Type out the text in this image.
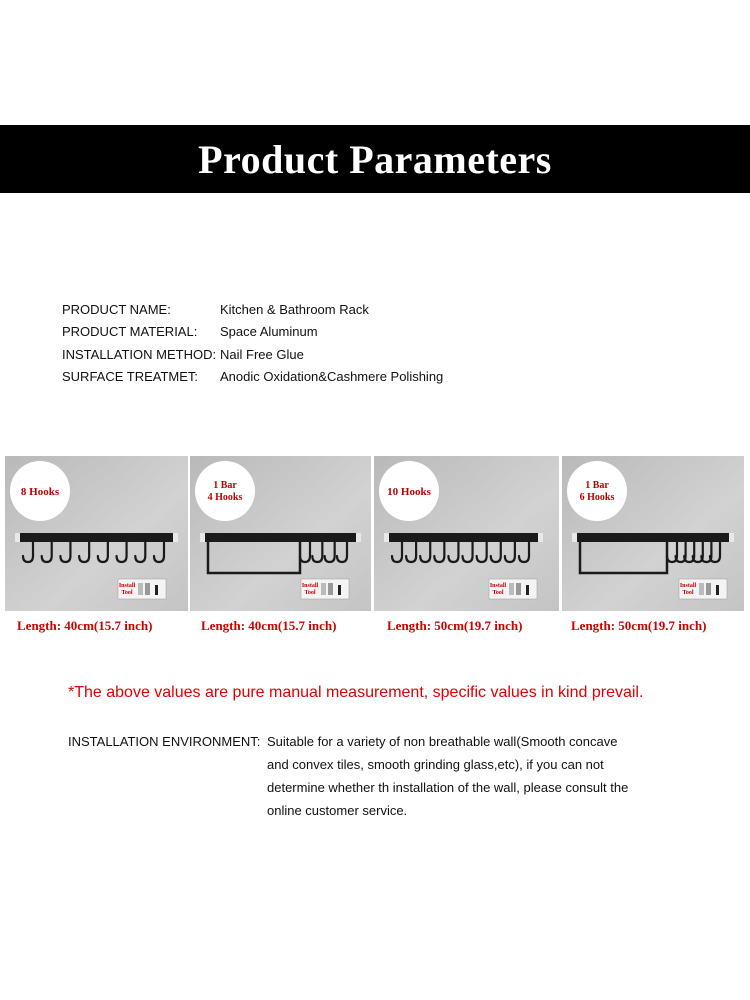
Product Parameters
PRODUCT NAME:	Kitchen & Bathroom Rack
PRODUCT MATERIAL:	Space Aluminum
INSTALLATION METHOD: Nail Free Glue
SURFACE TREATMET:	Anodic Oxidation&Cashmere Polishing
8 Hooks
Install
Tool
1 Bar
4 Hooks
Install
Tool
10 Hooks
Install
Tool
1 Bar
6 Hooks
Install
Tool
Length: 40cm(15.7 inch)	Length: 40cm(15.7 inch)	Length: 50cm(19.7 inch)	Length: 50cm(19.7 inch)
*The above values are pure manual measurement, specific values in kind prevail.
INSTALLATION ENVIRONMENT: Suitable for a variety of non breathable wall(Smooth concave
and convex tiles, smooth grinding glass,etc), if you can not
determine whether th installation of the wall, please consult the
online customer service.
